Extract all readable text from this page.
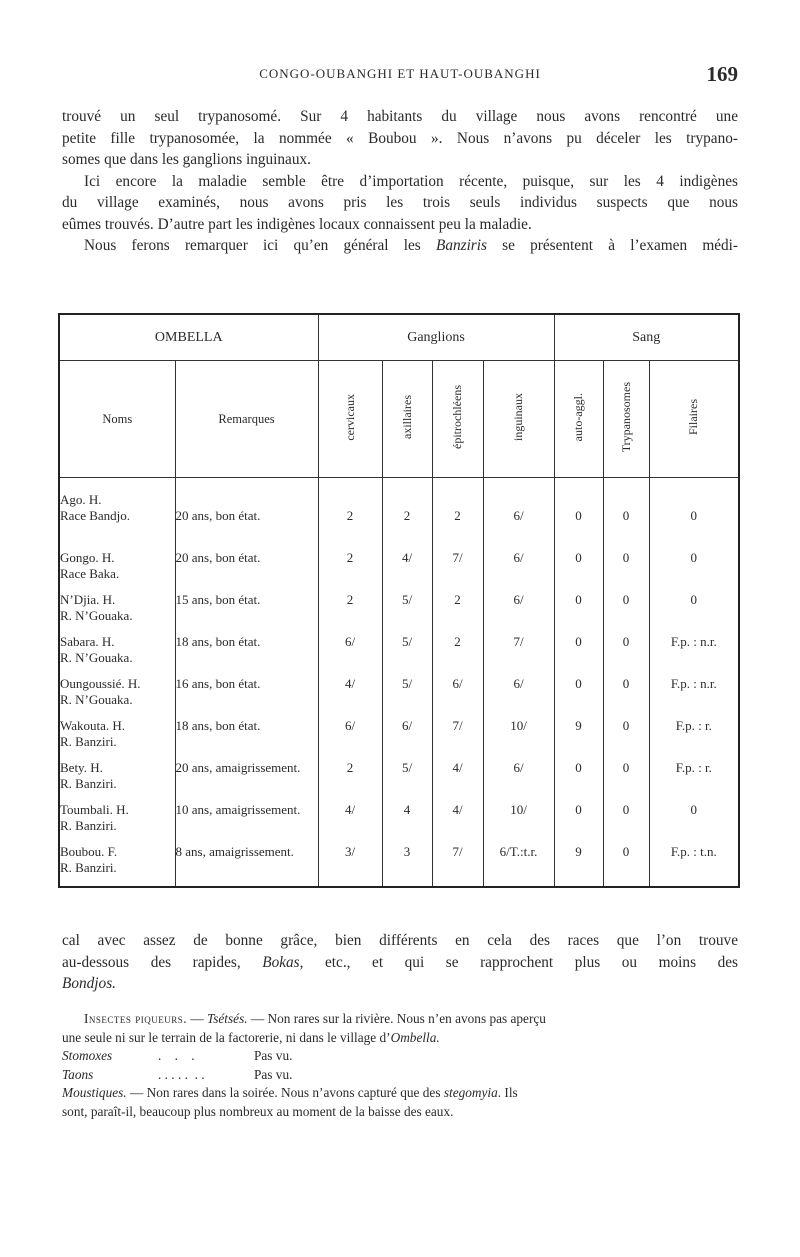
CONGO-OUBANGHI ET HAUT-OUBANGHI	169

trouvé un seul trypanosomé. Sur 4 habitants du village nous avons rencontré une

petite fille trypanosomée, la nommée « Boubou ». Nous n’avons pu déceler les trypano-

somes que dans les ganglions inguinaux.

Ici encore la maladie semble être d’importation récente, puisque, sur les 4 indigènes

du village examinés, nous avons pris les trois seuls individus suspects que nous

eûmes trouvés. D’autre part les indigènes locaux connaissent peu la maladie.

Nous ferons remarquer ici qu’en général les Banziris se présentent à l’examen médi-

OMBELLA		Ganglions				Sang		
Noms	Remarques	cervicaux	axillaires	épitrochléens	inguinaux	auto-aggl.	Trypanosomes	Filaires

Ago. H.
Race Bandjo.	20 ans, bon état.	2	2	2	6/	0	0	0

Gongo. H.
Race Baka.	20 ans, bon état.	2	4/	7/	6/	0	0	0

N’Djia. H.
R. N’Gouaka.	15 ans, bon état.	2	5/	2	6/	0	0	0

Sabara. H.
R. N’Gouaka.	18 ans, bon état.	6/	5/	2	7/	0	0	F.p. : n.r.

Oungoussié. H.
R. N’Gouaka.	16 ans, bon état.	4/	5/	6/	6/	0	0	F.p. : n.r.

Wakouta. H.
R. Banziri.	18 ans, bon état.	6/	6/	7/	10/	9	0	F.p. : r.

Bety. H.
R. Banziri.	20 ans, amaigrissement.	2	5/	4/	6/	0	0	F.p. : r.

Toumbali. H.
R. Banziri.	10 ans, amaigrissement.	4/	4	4/	10/	0	0	0

Boubou. F.
R. Banziri.	8 ans, amaigrissement.	3/	3	7/	6/T.:t.r.	9	0	F.p. : t.n.

cal avec assez de bonne grâce, bien différents en cela des races que l’on trouve

au-dessous des rapides, Bokas, etc., et qui se rapprochent plus ou moins des

Bondjos.

Insectes piqueurs. — Tsétsés. — Non rares sur la rivière. Nous n’en avons pas aperçu

une seule ni sur le terrain de la factorerie, ni dans le village d’Ombella.

Stomoxes	.    .    .	Pas vu.

Taons	. . . . .  . .	Pas vu.

Moustiques. — Non rares dans la soirée. Nous n’avons capturé que des stegomyia. Ils

sont, paraît-il, beaucoup plus nombreux au moment de la baisse des eaux.
